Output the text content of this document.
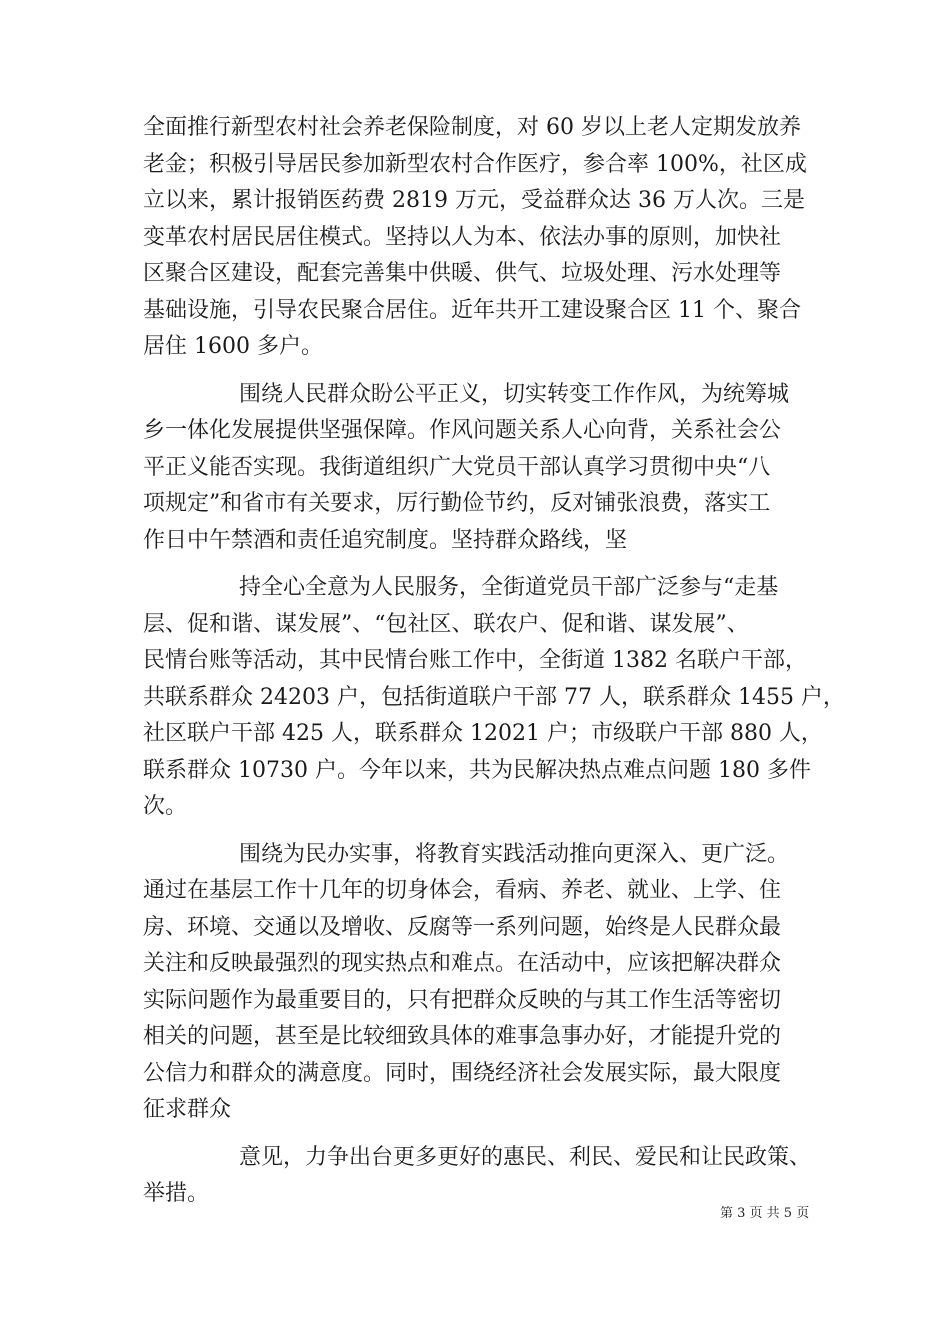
全面推行新型农村社会养老保险制度，对 60 岁以上老人定期发放养
老金；积极引导居民参加新型农村合作医疗，参合率 100%，社区成
立以来，累计报销医药费 2819 万元，受益群众达 36 万人次。三是
变革农村居民居住模式。坚持以人为本、依法办事的原则，加快社
区聚合区建设，配套完善集中供暖、供气、垃圾处理、污水处理等
基础设施，引导农民聚合居住。近年共开工建设聚合区 11 个、聚合
居住 1600 多户。

围绕人民群众盼公平正义，切实转变工作作风，为统筹城
乡一体化发展提供坚强保障。作风问题关系人心向背，关系社会公
平正义能否实现。我街道组织广大党员干部认真学习贯彻中央“八
项规定”和省市有关要求，厉行勤俭节约，反对铺张浪费，落实工
作日中午禁酒和责任追究制度。坚持群众路线，坚

持全心全意为人民服务，全街道党员干部广泛参与“走基
层、促和谐、谋发展”、“包社区、联农户、促和谐、谋发展”、
民情台账等活动，其中民情台账工作中，全街道 1382 名联户干部，
共联系群众 24203 户，包括街道联户干部 77 人，联系群众 1455 户，
社区联户干部 425 人，联系群众 12021 户；市级联户干部 880 人，
联系群众 10730 户。今年以来，共为民解决热点难点问题 180 多件
次。

围绕为民办实事，将教育实践活动推向更深入、更广泛。
通过在基层工作十几年的切身体会，看病、养老、就业、上学、住
房、环境、交通以及增收、反腐等一系列问题，始终是人民群众最
关注和反映最强烈的现实热点和难点。在活动中，应该把解决群众
实际问题作为最重要目的，只有把群众反映的与其工作生活等密切
相关的问题，甚至是比较细致具体的难事急事办好，才能提升党的
公信力和群众的满意度。同时，围绕经济社会发展实际，最大限度
征求群众

意见，力争出台更多更好的惠民、利民、爱民和让民政策、
举措。

第 3 页 共 5 页
